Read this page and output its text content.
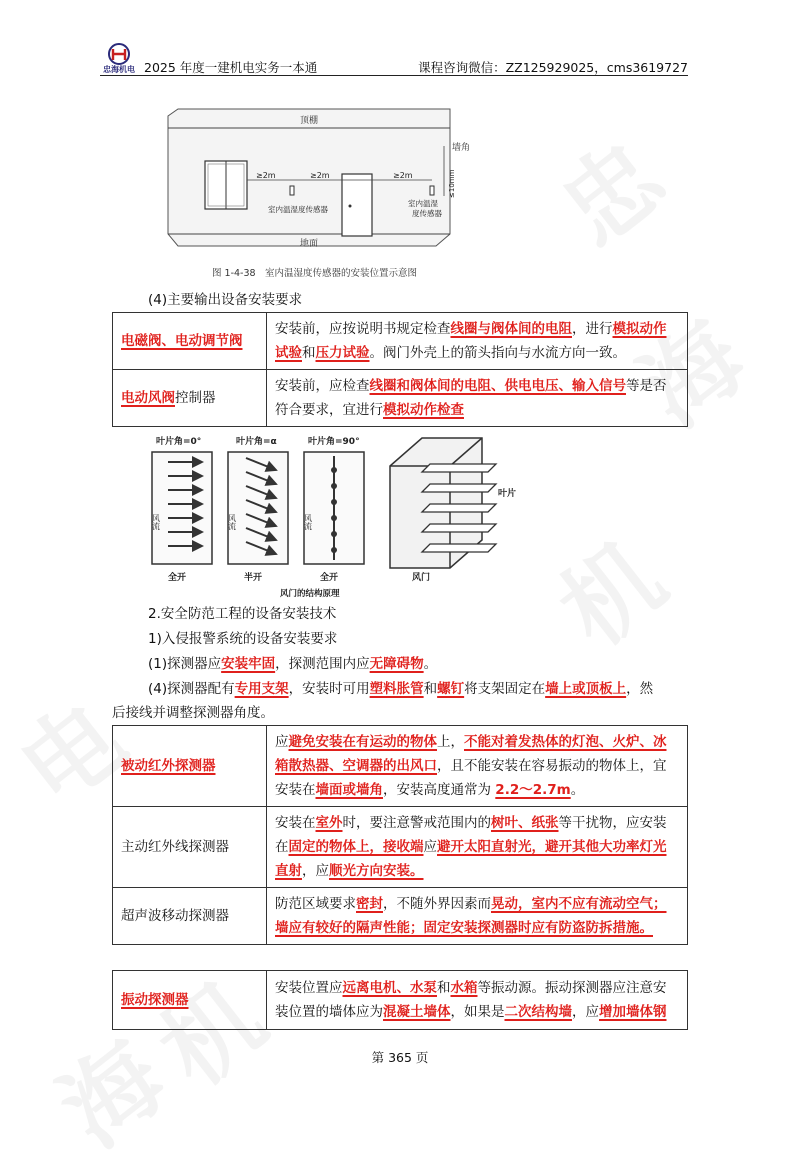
忠海机电 2025 年度一建机电实务一本通	课程咨询微信：ZZ125929025，cms3619727
顶棚
地面
墙角
≥2m	≥2m	≥2m
室内温湿度传感器
室内温湿
度传感器
≤10mm
图 1-4-38　室内温湿度传感器的安装位置示意图
(4)主要输出设备安装要求
电磁阀、电动调节阀	安装前，应按说明书规定检查线圈与阀体间的电阻，进行模拟动作试验和压力试验。阀门外壳上的箭头指向与水流方向一致。
电动风阀控制器	安装前，应检查线圈和阀体间的电阻、供电电压、输入信号等是否符合要求，宜进行模拟动作检查
叶片角=0°	叶片角=α	叶片角=90°
风流
全开
风流
半开
风流
全开
叶片
风门
风门的结构原理
2.安全防范工程的设备安装技术
1)入侵报警系统的设备安装要求
(1)探测器应安装牢固，探测范围内应无障碍物。
(4)探测器配有专用支架，安装时可用塑料胀管和螺钉将支架固定在墙上或顶板上，然
后接线并调整探测器角度。
被动红外探测器	应避免安装在有运动的物体上，不能对着发热体的灯泡、火炉、冰箱散热器、空调器的出风口，且不能安装在容易振动的物体上，宜安装在墙面或墙角，安装高度通常为 2.2～2.7m。
主动红外线探测器	安装在室外时，要注意警戒范围内的树叶、纸张等干扰物，应安装在固定的物体上，接收端应避开太阳直射光，避开其他大功率灯光直射，应顺光方向安装。
超声波移动探测器	防范区域要求密封，不随外界因素而晃动，室内不应有流动空气；墙应有较好的隔声性能；固定安装探测器时应有防盗防拆措施。
振动探测器	安装位置应远离电机、水泵和水箱等振动源。振动探测器应注意安装位置的墙体应为混凝土墙体，如果是二次结构墙，应增加墙体钢
第 365 页
